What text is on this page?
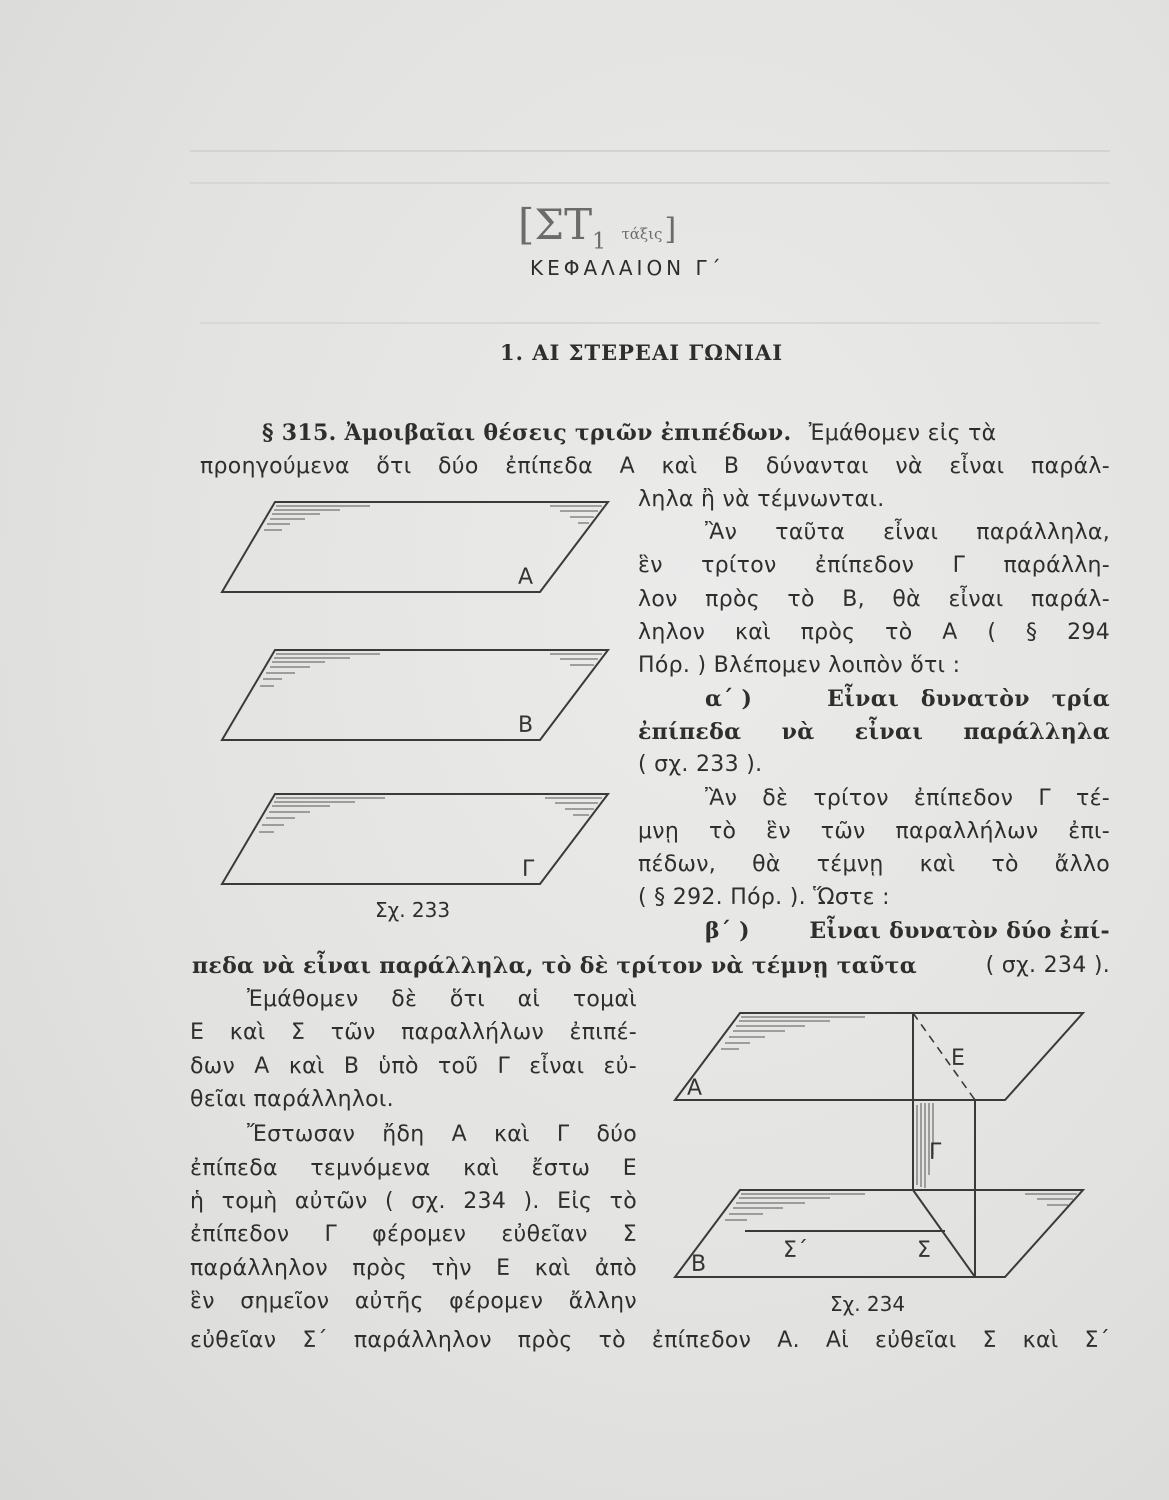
[$\Sigma T_1$ τάξις]
ΚΕΦΑΛΑΙΟΝ Γ΄
1. ΑΙ ΣΤΕΡΕΑΙ ΓΩΝΙΑΙ
§ 315. Ἀμοιβαῖαι θέσεις τριῶν ἐπιπέδων. Ἐμάθομεν εἰς τὰ
προηγούμενα ὅτι δύο ἐπίπεδα Α καὶ Β δύνανται νὰ εἶναι παράλ-
ληλα ἢ νὰ τέμνωνται.
Ἂν ταῦτα εἶναι παράλληλα,
ἓν τρίτον ἐπίπεδον Γ παράλλη-
λον πρὸς τὸ Β, θὰ εἶναι παράλ-
ληλον καὶ πρὸς τὸ Α ( § 294
Πόρ. ) Βλέπομεν λοιπὸν ὅτι :
α΄ )	Εἶναι δυνατὸν τρία
ἐπίπεδα νὰ εἶναι παράλληλα
( σχ. 233 ).
Ἂν δὲ τρίτον ἐπίπεδον Γ τέ-
μνῃ τὸ ἓν τῶν παραλλήλων ἐπι-
πέδων, θὰ τέμνῃ καὶ τὸ ἄλλο
( § 292. Πόρ. ). Ὥστε :
β΄ )	Εἶναι δυνατὸν δύο ἐπί-
πεδα νὰ εἶναι παράλληλα, τὸ δὲ τρίτον νὰ τέμνῃ ταῦτα	( σχ. 234 ).
Ἐμάθομεν δὲ ὅτι αἱ τομαὶ
Ε καὶ Σ τῶν παραλλήλων ἐπιπέ-
δων Α καὶ Β ὑπὸ τοῦ Γ εἶναι εὐ-
θεῖαι παράλληλοι.
Ἔστωσαν ἤδη Α καὶ Γ δύο
ἐπίπεδα τεμνόμενα καὶ ἔστω Ε
ἡ τομὴ αὐτῶν ( σχ. 234 ). Εἰς τὸ
ἐπίπεδον Γ φέρομεν εὐθεῖαν Σ
παράλληλον πρὸς τὴν Ε καὶ ἀπὸ
ἓν σημεῖον αὐτῆς φέρομεν ἄλλην
εὐθεῖαν Σ΄ παράλληλον πρὸς τὸ ἐπίπεδον Α. Αἱ εὐθεῖαι Σ καὶ Σ΄
Α
Β
Γ
Σχ. 233
Α
Β
Γ
Ε
Σ
Σ΄
Σχ. 234
